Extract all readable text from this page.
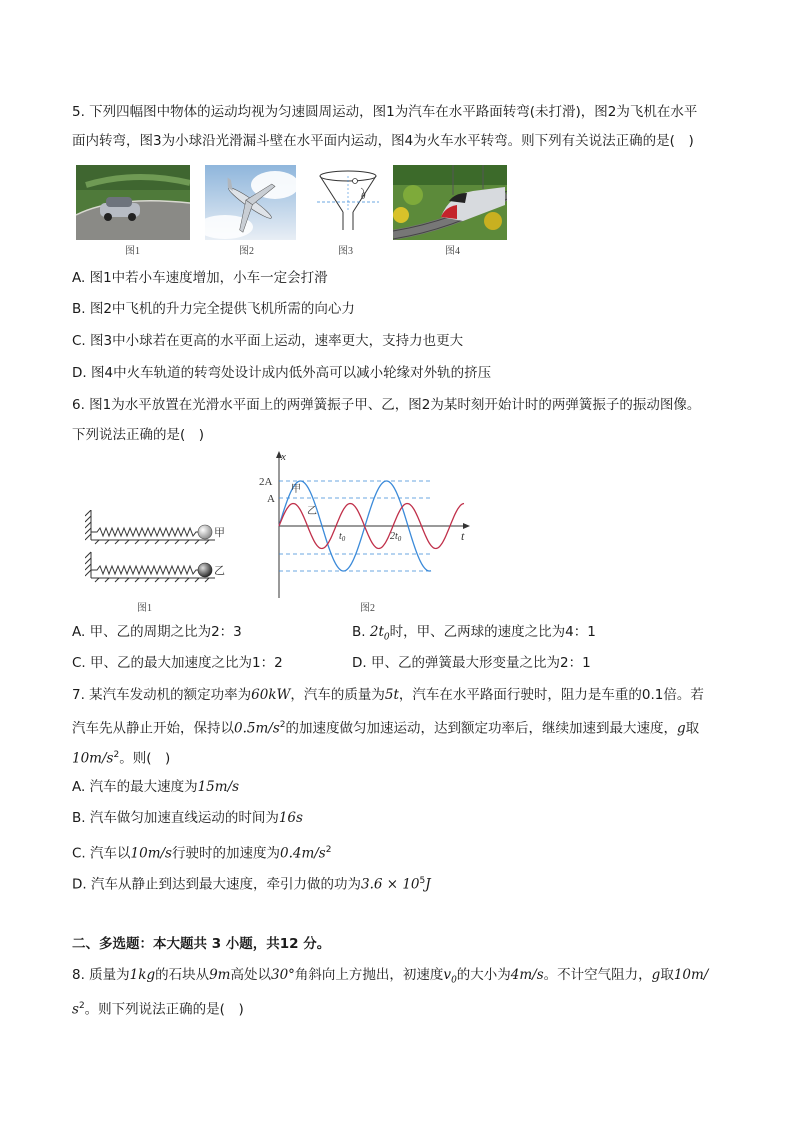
5. 下列四幅图中物体的运动均视为匀速圆周运动，图1为汽车在水平路面转弯(未打滑)，图2为飞机在水平
面内转弯，图3为小球沿光滑漏斗壁在水平面内运动，图4为火车水平转弯。则下列有关说法正确的是(　)
θ
图1	图2	图3	图4
A. 图1中若小车速度增加，小车一定会打滑
B. 图2中飞机的升力完全提供飞机所需的向心力
C. 图3中小球若在更高的水平面上运动，速率更大，支持力也更大
D. 图4中火车轨道的转弯处设计成内低外高可以减小轮缘对外轨的挤压
6. 图1为水平放置在光滑水平面上的两弹簧振子甲、乙，图2为某时刻开始计时的两弹簧振子的振动图像。
下列说法正确的是(　)
甲
乙
图1
x
t
2A
A
甲
乙
$t_0$	$2t_0$
图2
A. 甲、乙的周期之比为2：3	B. $2t_0$时，甲、乙两球的速度之比为4：1
C. 甲、乙的最大加速度之比为1：2	D. 甲、乙的弹簧最大形变量之比为2：1
7. 某汽车发动机的额定功率为60kW，汽车的质量为5t，汽车在水平路面行驶时，阻力是车重的0.1倍。若
汽车先从静止开始，保持以$0.5m/s^2$的加速度做匀加速运动，达到额定功率后，继续加速到最大速度，g取
$10m/s^2$。则(　)
A. 汽车的最大速度为15m/s
B. 汽车做匀加速直线运动的时间为16s
C. 汽车以10m/s行驶时的加速度为$0.4m/s^2$
D. 汽车从静止到达到最大速度，牵引力做的功为$3.6 \times 10^5J$
二、多选题：本大题共 3 小题，共12 分。
8. 质量为1kg的石块从9m高处以30°角斜向上方抛出，初速度$v_0$的大小为4m/s。不计空气阻力，g取10m/
$s^2$。则下列说法正确的是(　)
